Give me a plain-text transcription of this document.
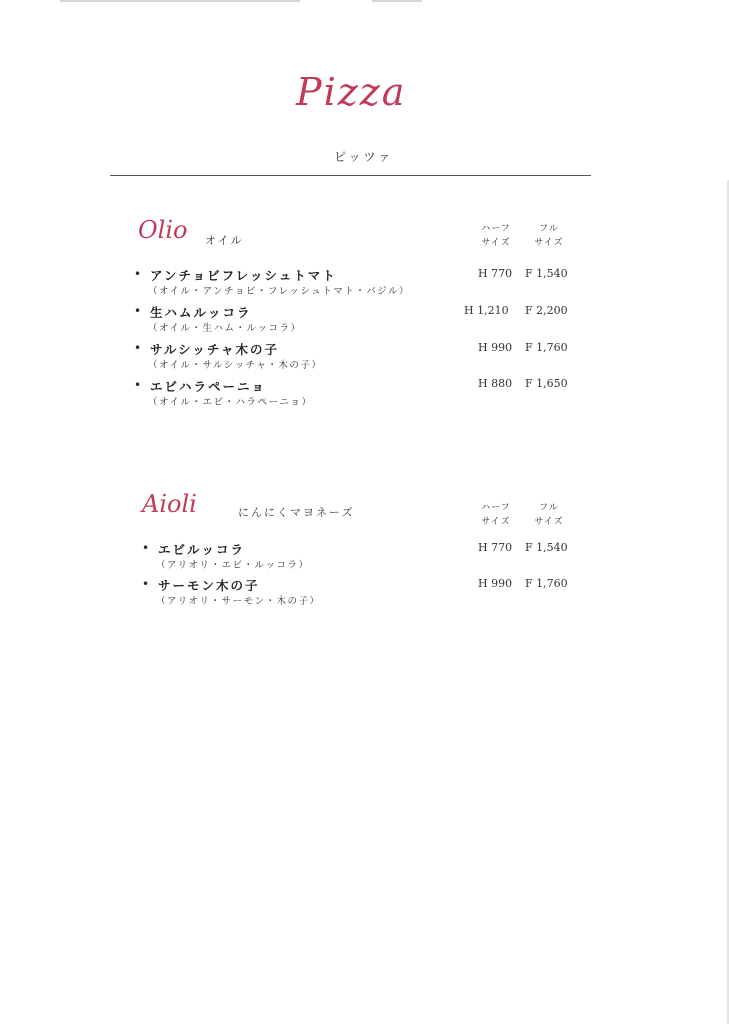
Pizza
ピッツァ
Olio オイル
ハーフ
サイズ
フル
サイズ
• アンチョビフレッシュトマト
（オイル・アンチョビ・フレッシュトマト・バジル）
H 770 F 1,540
• 生ハムルッコラ
（オイル・生ハム・ルッコラ）
H 1,210 F 2,200
• サルシッチャ木の子
（オイル・サルシッチャ・木の子）
H 990 F 1,760
• エビハラペーニョ
（オイル・エビ・ハラペーニョ）
H 880 F 1,650
Aioli	にんにくマヨネーズ	ハーフ
サイズ
フル
サイズ
• エビルッコラ
（アリオリ・エビ・ルッコラ）
H 770 F 1,540
• サーモン木の子
（アリオリ・サーモン・木の子）
H 990 F 1,760
